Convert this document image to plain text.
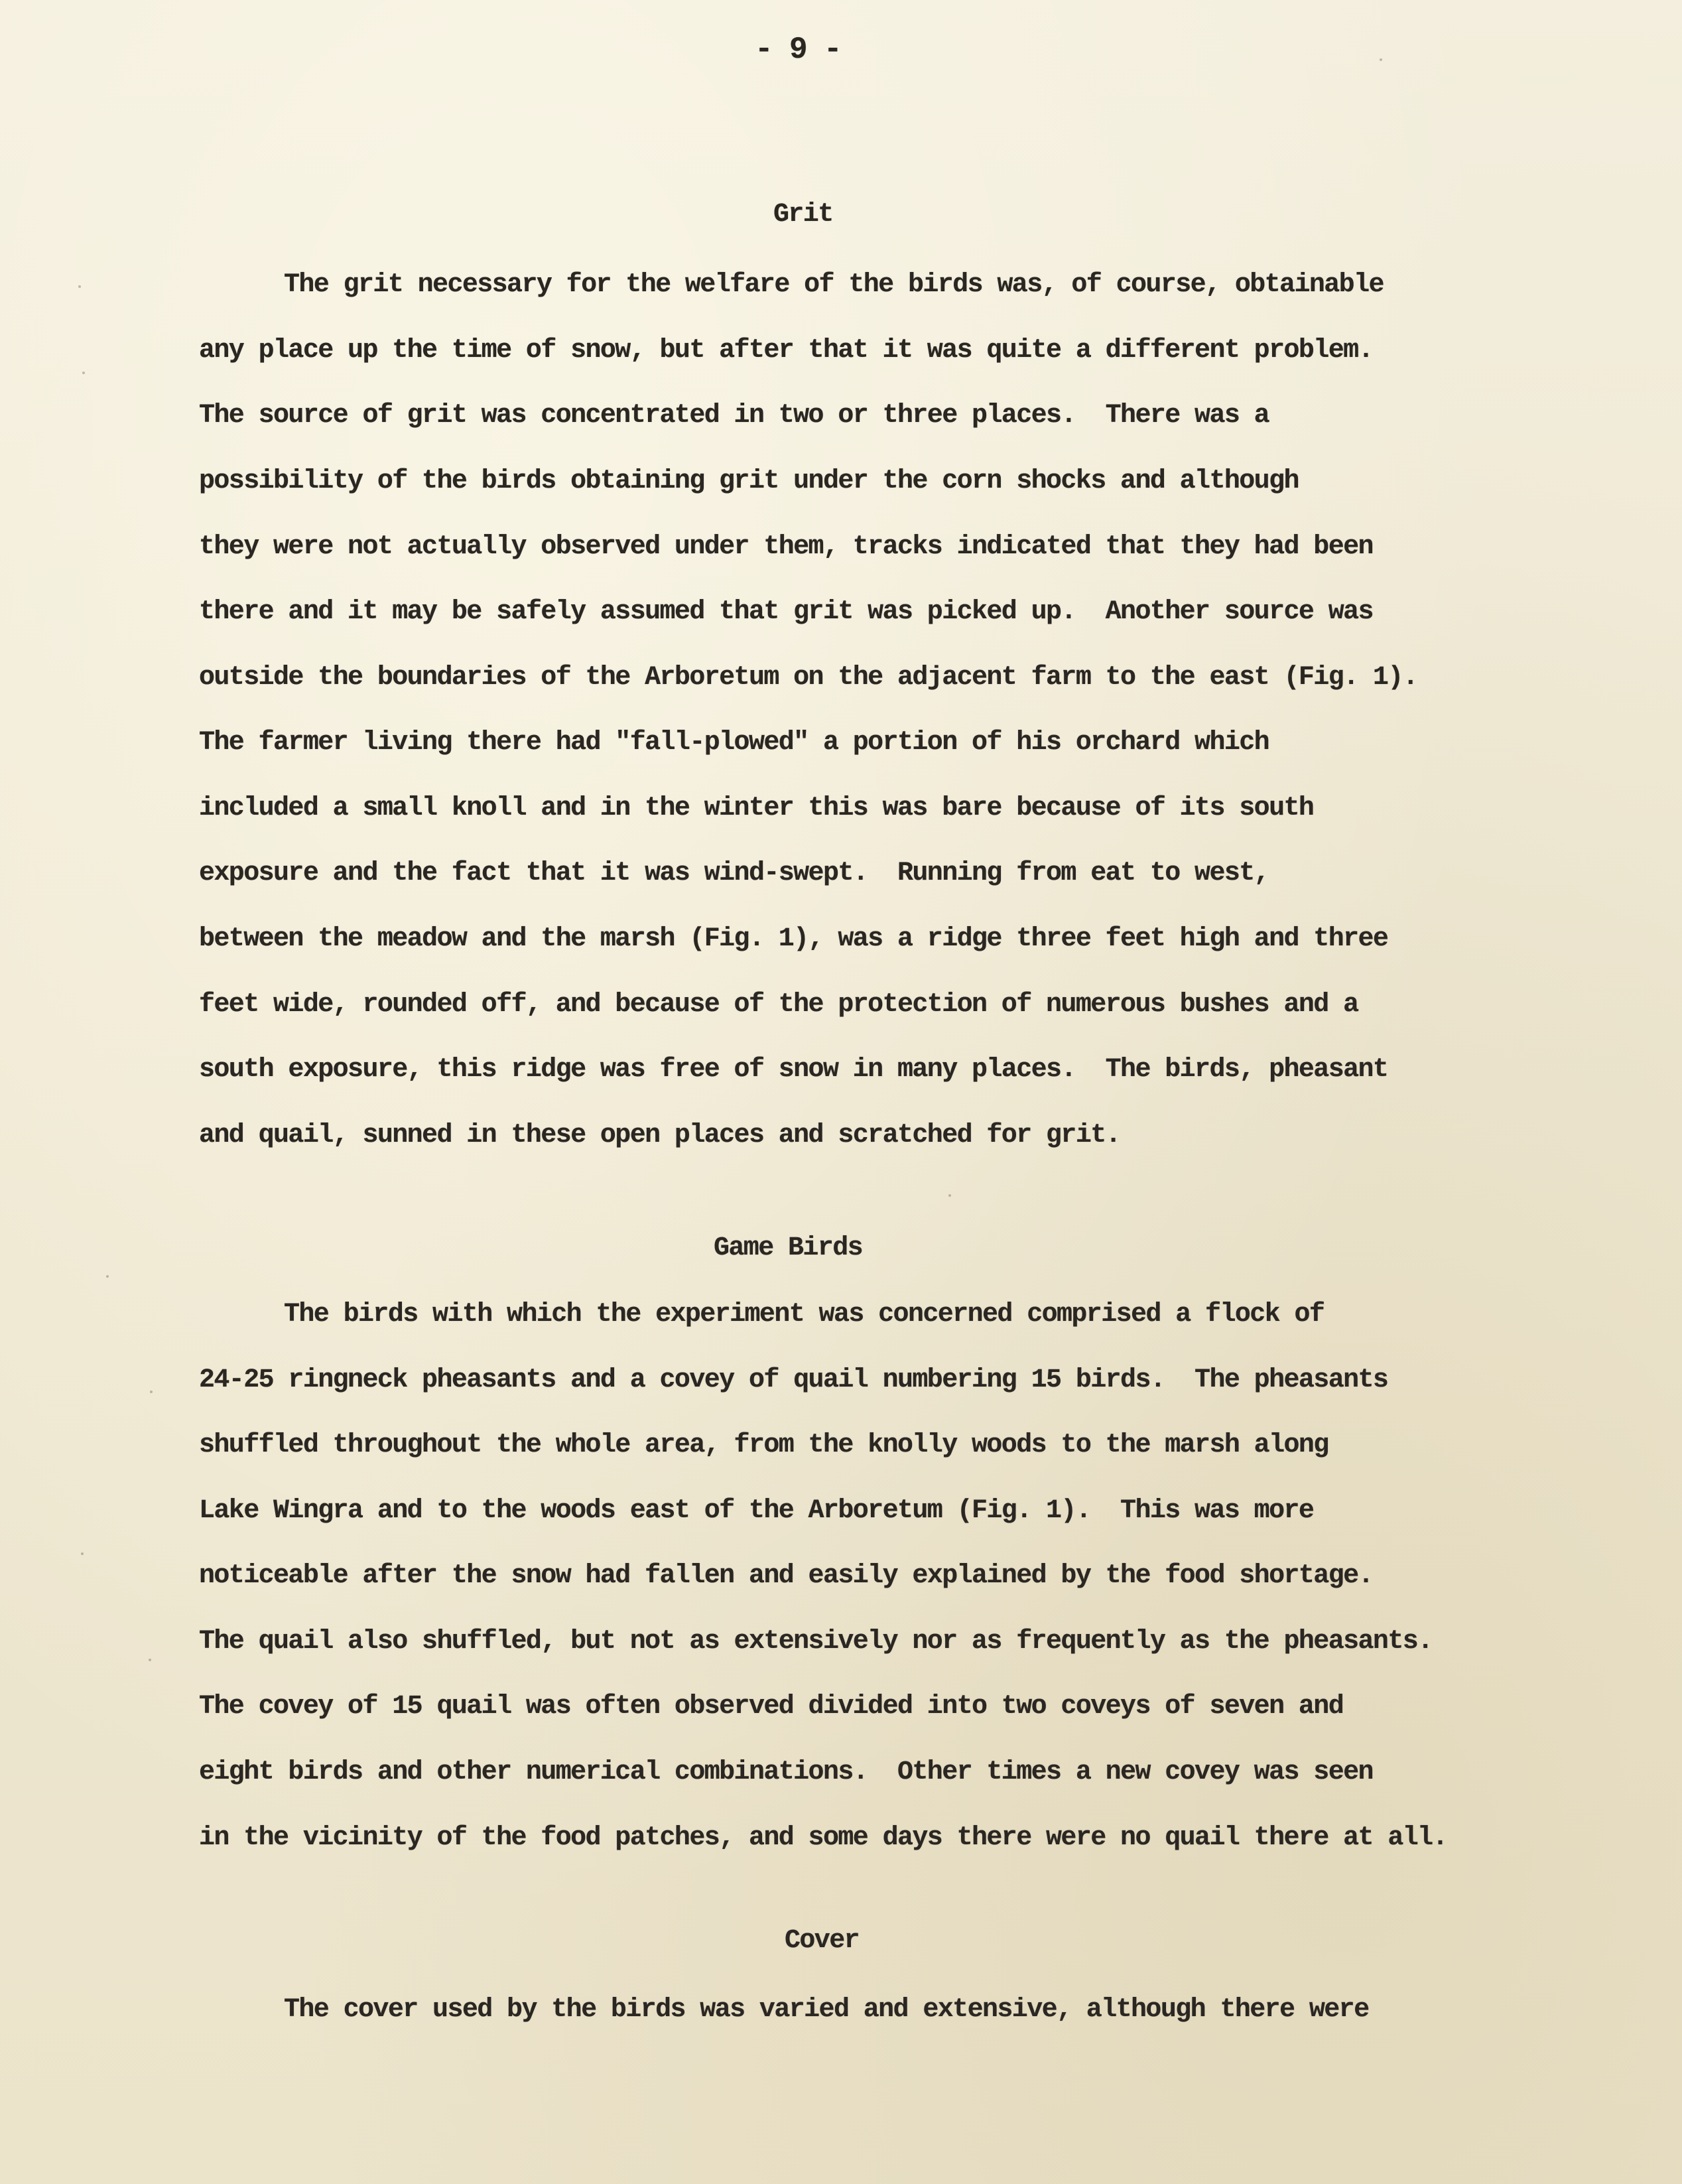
- 9 -
Grit
The grit necessary for the welfare of the birds was, of course, obtainable
any place up the time of snow, but after that it was quite a different problem.
The source of grit was concentrated in two or three places.  There was a
possibility of the birds obtaining grit under the corn shocks and although
they were not actually observed under them, tracks indicated that they had been
there and it may be safely assumed that grit was picked up.  Another source was
outside the boundaries of the Arboretum on the adjacent farm to the east (Fig. 1).
The farmer living there had "fall-plowed" a portion of his orchard which
included a small knoll and in the winter this was bare because of its south
exposure and the fact that it was wind-swept.  Running from eat to west,
between the meadow and the marsh (Fig. 1), was a ridge three feet high and three
feet wide, rounded off, and because of the protection of numerous bushes and a
south exposure, this ridge was free of snow in many places.  The birds, pheasant
and quail, sunned in these open places and scratched for grit.
Game Birds
The birds with which the experiment was concerned comprised a flock of
24-25 ringneck pheasants and a covey of quail numbering 15 birds.  The pheasants
shuffled throughout the whole area, from the knolly woods to the marsh along
Lake Wingra and to the woods east of the Arboretum (Fig. 1).  This was more
noticeable after the snow had fallen and easily explained by the food shortage.
The quail also shuffled, but not as extensively nor as frequently as the pheasants.
The covey of 15 quail was often observed divided into two coveys of seven and
eight birds and other numerical combinations.  Other times a new covey was seen
in the vicinity of the food patches, and some days there were no quail there at all.
Cover
The cover used by the birds was varied and extensive, although there were
